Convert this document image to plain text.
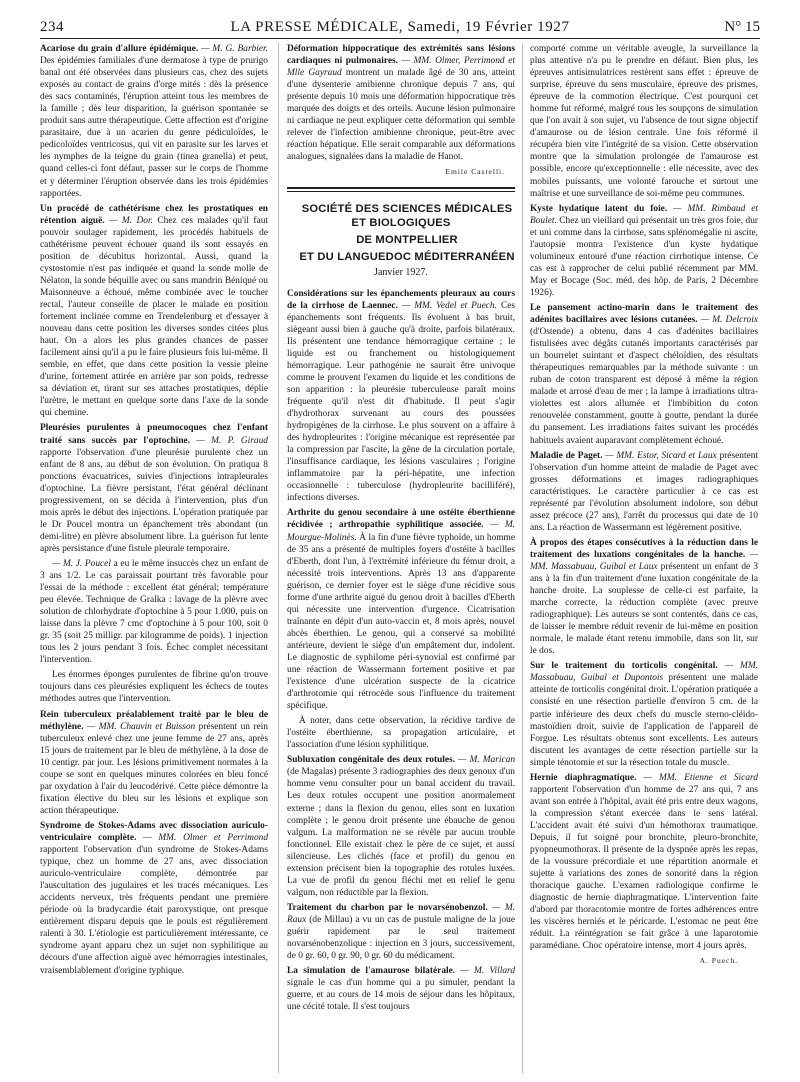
234	LA PRESSE MÉDICALE, Samedi, 19 Février 1927	N° 15

Acariose du grain d'allure épidémique. — M. G. Barbier. Des épidémies familiales d'une dermatose à type de prurigo banal ont été observées dans plusieurs cas, chez des sujets exposés au contact de grains d'orge mités : dès la présence des sacs contaminés, l'éruption atteint tous les membres de la famille ; dès leur disparition, la guérison spontanée se produit sans autre thérapeutique. Cette affection est d'origine parasitaire, due à un acarien du genre pédiculoïdes, le pedicoloïdes ventricosus, qui vit en parasite sur les larves et les nymphes de la teigne du grain (tinea granella) et peut, quand celles-ci font défaut, passer sur le corps de l'homme et y déterminer l'éruption observée dans les trois épidémies rapportées.

Un procédé de cathétérisme chez les prostatiques en rétention aiguë. — M. Dor. Chez ces malades qu'il faut pouvoir soulager rapidement, les procédés habituels de cathétérisme peuvent échouer quand ils sont essayés en position de décubitus horizontal. Aussi, quand la cystostomie n'est pas indiquée et quand la sonde molle de Nélaton, la sonde béquille avec ou sans mandrin Béniqué ou Maisonneuve a échoué, même combinée avec le toucher rectal, l'auteur conseille de placer le malade en position fortement inclinée comme en Trendelenburg et d'essayer à nouveau dans cette position les diverses sondes citées plus haut. On a alors les plus grandes chances de passer facilement ainsi qu'il a pu le faire plusieurs fois lui-même. Il semble, en effet, que dans cette position la vessie pleine d'urine, fortement attirée en arrière par son poids, redresse sa déviation et, tirant sur ses attaches prostatiques, déplie l'urètre, le mettant en quelque sorte dans l'axe de la sonde qui chemine.

Pleurésies purulentes à pneumocoques chez l'enfant traité sans succès par l'optochine. — M. P. Giraud rapporte l'observation d'une pleurésie purulente chez un enfant de 8 ans, au début de son évolution. On pratiqua 8 ponctions évacuatrices, suivies d'injections intrapleurales d'optochine. La fièvre persistant, l'état général déclinant progressivement, on se décida à l'intervention, plus d'un mois après le début des injections. L'opération pratiquée par le Dr Poucel montra un épanchement très abondant (un demi-litre) en plèvre absolument libre. La guérison fut lente après persistance d'une fistule pleurale temporaire.

— M. J. Poucel a eu le même insuccès chez un enfant de 3 ans 1/2. Le cas paraissait pourtant très favorable pour l'essai de la méthode : excellent état général; température peu élevée. Technique de Gralka : lavage de la plèvre avec solution de chlorhydrate d'optochine à 5 pour 1.000, puis on laisse dans la plèvre 7 cmc d'optochine à 5 pour 100, soit 0 gr. 35 (soit 25 milligr. par kilogramme de poids). 1 injection tous les 2 jours pendant 3 fois. Échec complet nécessitant l'intervention.

Les énormes éponges purulentes de fibrine qu'on trouve toujours dans ces pleurésies expliquent les échecs de toutes méthodes autres que l'intervention.

Rein tuberculeux préalablement traité par le bleu de méthylène. — MM. Chauvin et Buisson présentent un rein tuberculeux enlevé chez une jeune femme de 27 ans, après 15 jours de traitement par le bleu de méthylène, à la dose de 10 centigr. par jour. Les lésions primitivement normales à la coupe se sont en quelques minutes colorées en bleu foncé par oxydation à l'air du leucodérivé. Cette pièce démontre la fixation élective du bleu sur les lésions et explique son action thérapeutique.

Syndrome de Stokes-Adams avec dissociation auriculo-ventriculaire complète. — MM. Olmer et Perrimond rapportent l'observation d'un syndrome de Stokes-Adams typique, chez un homme de 27 ans, avec dissociation auriculo-ventriculaire complète, démontrée par l'auscultation des jugulaires et les tracés mécaniques. Les accidents nerveux, très fréquents pendant une première période où la bradycardie était paroxystique, ont presque entièrement disparu depuis que le pouls est régulièrement ralenti à 30. L'étiologie est particulièrement intéressante, ce syndrome ayant apparu chez un sujet non syphilitique au décours d'une affection aiguë avec hémorragies intestinales, vraisemblablement d'origine typhique.

Déformation hippocratique des extrémités sans lésions cardiaques ni pulmonaires. — MM. Olmer, Perrimond et Mlle Gayraud montrent un malade âgé de 30 ans, atteint d'une dysenterie amibienne chronique depuis 7 ans, qui présente depuis 10 mois une déformation hippocratique très marquée des doigts et des orteils. Aucune lésion pulmonaire ni cardiaque ne peut expliquer cette déformation qui semble relever de l'infection amibienne chronique, peut-être avec réaction hépatique. Elle serait comparable aux déformations analogues, signalées dans la maladie de Hanot.

Emile Castelli.

SOCIÉTÉ DES SCIENCES MÉDICALES ET BIOLOGIQUES

DE MONTPELLIER

ET DU LANGUEDOC MÉDITERRANÉEN

Janvier 1927.

Considérations sur les épanchements pleuraux au cours de la cirrhose de Laennec. — MM. Vedel et Puech. Ces épanchements sont fréquents. Ils évoluent à bas bruit, siègeant aussi bien à gauche qu'à droite, parfois bilatéraux. Ils présentent une tendance hémorragique certaine ; le liquide est ou franchement ou histologiquement hémorragique. Leur pathogénie ne saurait être univoque comme le prouvent l'examen du liquide et les conditions de son apparition : la pleurésie tuberculeuse paraît moins fréquente qu'il n'est dit d'habitude. Il peut s'agir d'hydrothorax survenant au cours des poussées hydropigènes de la cirrhose. Le plus souvent on a affaire à des hydropleurites : l'origine mécanique est représentée par la compression par l'ascite, la gêne de la circulation portale, l'insuffisance cardiaque, les lésions vasculaires ; l'origine inflammatoire par la péri-hépatite, une infection occasionnelle : tuberculose (hydropleurite bacilliféré), infections diverses.

Arthrite du genou secondaire à une ostéite éberthienne récidivée ; arthropathie syphilitique associée. — M. Mourgue-Molinès. À la fin d'une fièvre typhoïde, un homme de 35 ans a présenté de multiples foyers d'ostéite à bacilles d'Eberth, dont l'un, à l'extrémité inférieure du fémur droit, a nécessité trois interventions. Après 13 ans d'apparente guérison, ce dernier foyer est le siège d'une récidive sous forme d'une arthrite aiguë du genou droit à bacilles d'Eberth qui nécessite une intervention d'urgence. Cicatrisation traînante en dépit d'un auto-vaccin et, 8 mois après, nouvel abcès éberthien. Le genou, qui a conservé sa mobilité antérieure, devient le siège d'un empâtement dur, indolent. Le diagnostic de syphilome péri-synovial est confirmé par une réaction de Wassermann fortement positive et par l'existence d'une ulcération suspecte de la cicatrice d'arthrotomie qui rétrocède sous l'influence du traitement spécifique.

À noter, dans cette observation, la récidive tardive de l'ostéite éberthienne, sa propagation articulaire, et l'association d'une lésion syphilitique.

Subluxation congénitale des deux rotules. — M. Marican (de Magalas) présente 3 radiographies des deux genoux d'un homme venu consulter pour un banal accident du travail. Les deux rotules occupent une position anormalement externe ; dans la flexion du genou, elles sont en luxation complète ; le genou droit présente une ébauche de genou valgum. La malformation ne se révèle par aucun trouble fonctionnel. Elle existait chez le père de ce sujet, et aussi silencieuse. Les clichés (face et profil) du genou en extension précisent bien la topographie des rotules luxées. La vue de profil du genou fléchi met en relief le genu valgum, non réductible par la flexion.

Traitement du charbon par le novarsénobenzol. — M. Raux (de Millau) a vu un cas de pustule maligne de la joue guérir rapidement par le seul traitement novarsénobenzolique : injection en 3 jours, successivement, de 0 gr. 60, 0 gr. 90, 0 gr. 60 du médicament.

La simulation de l'amaurose bilatérale. — M. Villard signale le cas d'un homme qui a pu simuler, pendant la guerre, et au cours de 14 mois de séjour dans les hôpitaux, une cécité totale. Il s'est toujours

comporté comme un véritable aveugle, la surveillance la plus attentive n'a pu le prendre en défaut. Bien plus, les épreuves antisimulatrices restèrent sans effet : épreuve de surprise, épreuve du sens musculaire, épreuve des prismes, épreuve de la commotion électrique. C'est pourquoi cet homme fut réformé, malgré tous les soupçons de simulation que l'on avait à son sujet, vu l'absence de tout signe objectif d'amaurose ou de lésion centrale. Une fois réformé il récupéra bien vite l'intégrité de sa vision. Cette observation montre que la simulation prolongée de l'amaurose est possible, encore qu'exceptionnelle : elle nécessite, avec des mobiles puissants, une volonté farouche et surtout une maîtrise et une surveillance de soi-même peu communes.

Kyste hydatique latent du foie. — MM. Rimbaud et Boulet. Chez un vieillard qui présentait un très gros foie, dur et uni comme dans la cirrhose, sans splénomégalie ni ascite, l'autopsie montra l'existence d'un kyste hydatique volumineux entouré d'une réaction cirrhotique intense. Ce cas est à rapprocher de celui publié récemment par MM. May et Bocage (Soc. méd. des hôp. de Paris, 2 Décembre 1926).

Le pansement actino-marin dans le traitement des adénites bacillaires avec lésions cutanées. — M. Delcroix (d'Ostende) a obtenu, dans 4 cas d'adénites bacillaires fistulisées avec dégâts cutanés importants caractérisés par un bourrelet suintant et d'aspect chéloïdien, des résultats thérapeutiques remarquables par la méthode suivante : un ruban de coton transparent est déposé à même la région malade et arrosé d'eau de mer ; la lampe à irradiations ultra-violettes est alors allumée et l'imbibition du coton renouvelée constamment, goutte à goutte, pendant la durée du pansement. Les irradiations faites suivant les procédés habituels avaient auparavant complètement échoué.

Maladie de Paget. — MM. Estor, Sicard et Laux présentent l'observation d'un homme atteint de maladie de Paget avec grosses déformations et images radiographiques caractéristiques. Le caractère particulier à ce cas est représenté par l'évolution absolument indolore, son début assez précoce (27 ans), l'arrêt du processus qui date de 10 ans. La réaction de Wassermann est légèrement positive.

À propos des étapes consécutives à la réduction dans le traitement des luxations congénitales de la hanche. — MM. Massabuau, Guibal et Laux présentent un enfant de 3 ans à la fin d'un traitement d'une luxation congénitale de la hanche droite. La souplesse de celle-ci est parfaite, la marche correcte, la réduction complète (avec preuve radiographique). Les auteurs se sont contentés, dans ce cas, de laisser le membre réduit revenir de lui-même en position normale, le malade étant retenu immobile, dans son lit, sur le dos.

Sur le traitement du torticolis congénital. — MM. Massabuau, Guibal et Dupontois présentent une malade atteinte de torticolis congénital droit. L'opération pratiquée a consisté en une résection partielle d'environ 5 cm. de la partie inférieure des deux chefs du muscle sterno-cléido-mastoïdien droit, suivie de l'application de l'appareil de Forgue. Les résultats obtenus sont excellents. Les auteurs discutent les avantages de cette résection partielle sur la simple ténotomie et sur la résection totale du muscle.

Hernie diaphragmatique. — MM. Etienne et Sicard rapportent l'observation d'un homme de 27 ans qui, 7 ans avant son entrée à l'hôpital, avait été pris entre deux wagons, la compression s'étant exercée dans le sens latéral. L'accident avait été suivi d'un hémothorax traumatique. Depuis, il fut soigné pour bronchite, pleuro-bronchite, pyopneumothorax. Il présente de la dyspnée après les repas, de la voussure précordiale et une répartition anormale et sujette à variations des zones de sonorité dans la région thoracique gauche. L'examen radiologique confirme le diagnostic de hernie diaphragmatique. L'intervention faite d'abord par thoracotomie montre de fortes adhérences entre les viscères herniés et le péricarde. L'estomac ne peut être réduit. La réintégration se fait grâce à une laparotomie paramédiane. Choc opératoire intense, mort 4 jours après.

A. Puech.
